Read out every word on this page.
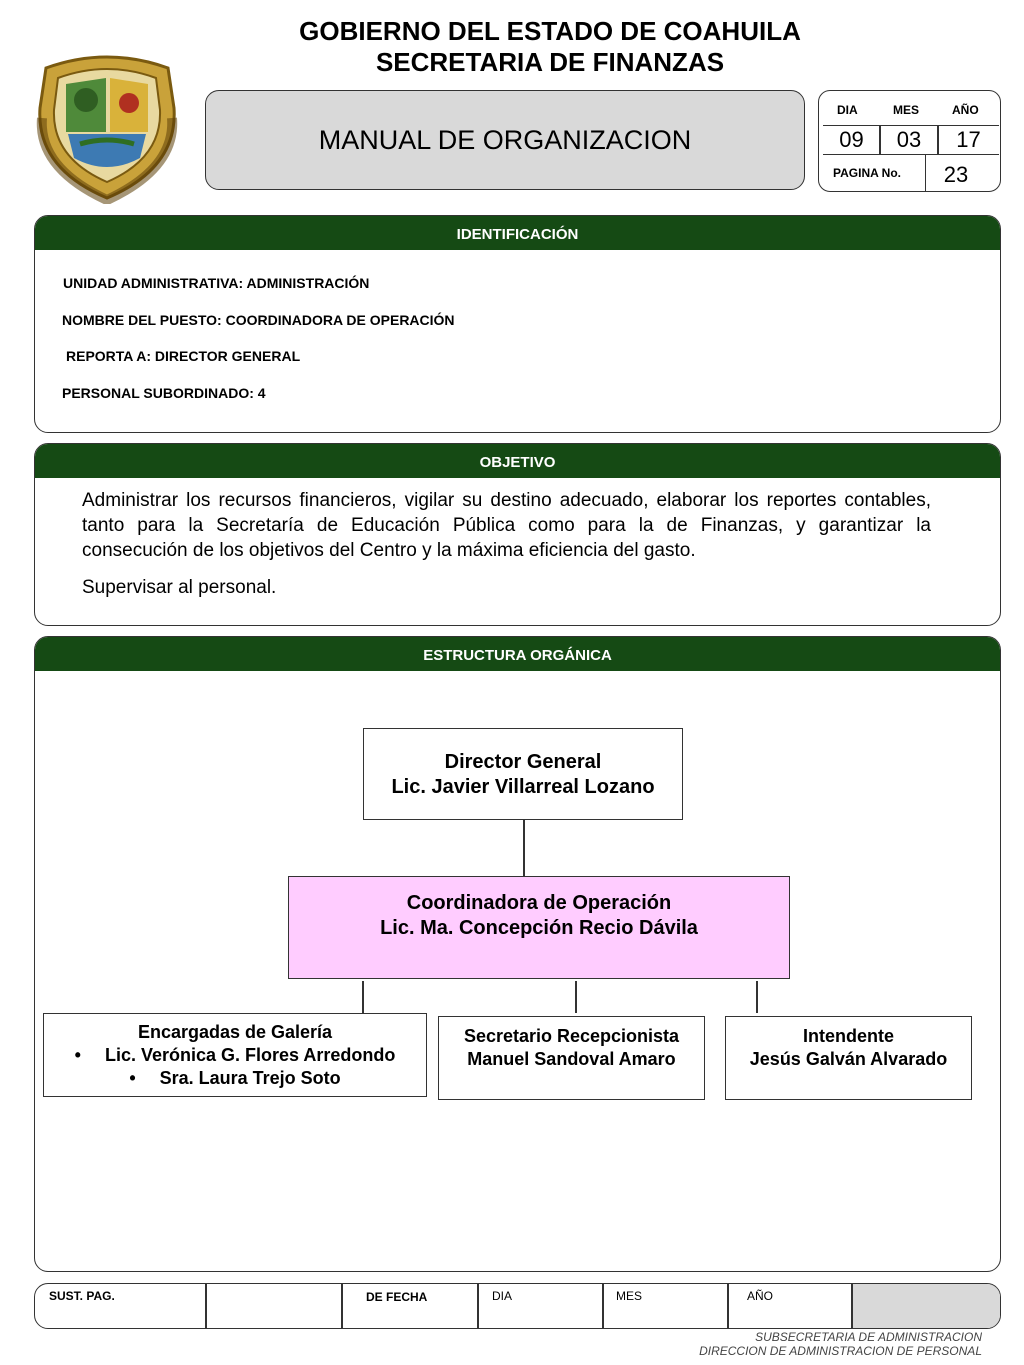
GOBIERNO DEL ESTADO DE COAHUILA
SECRETARIA DE FINANZAS
MANUAL DE ORGANIZACION
DIA	MES	AÑO
09	03	17
PAGINA No.	23
IDENTIFICACIÓN
UNIDAD ADMINISTRATIVA: ADMINISTRACIÓN
NOMBRE DEL PUESTO: COORDINADORA DE OPERACIÓN
REPORTA A: DIRECTOR GENERAL
PERSONAL SUBORDINADO: 4
OBJETIVO
Administrar los recursos financieros, vigilar su destino adecuado, elaborar los reportes contables, tanto para la Secretaría de Educación Pública como para la de Finanzas, y garantizar la consecución de los objetivos del Centro y la máxima eficiencia del gasto.
Supervisar al personal.
ESTRUCTURA ORGÁNICA
Director General
Lic. Javier Villarreal Lozano
Coordinadora de Operación
Lic. Ma. Concepción Recio Dávila
Encargadas de Galería
• Lic. Verónica G. Flores Arredondo
• Sra. Laura Trejo Soto
Secretario Recepcionista
Manuel Sandoval Amaro
Intendente
Jesús Galván Alvarado
SUST. PAG.	DE FECHA	DIA	MES	AÑO
SUBSECRETARIA DE ADMINISTRACION
DIRECCION DE ADMINISTRACION DE PERSONAL
